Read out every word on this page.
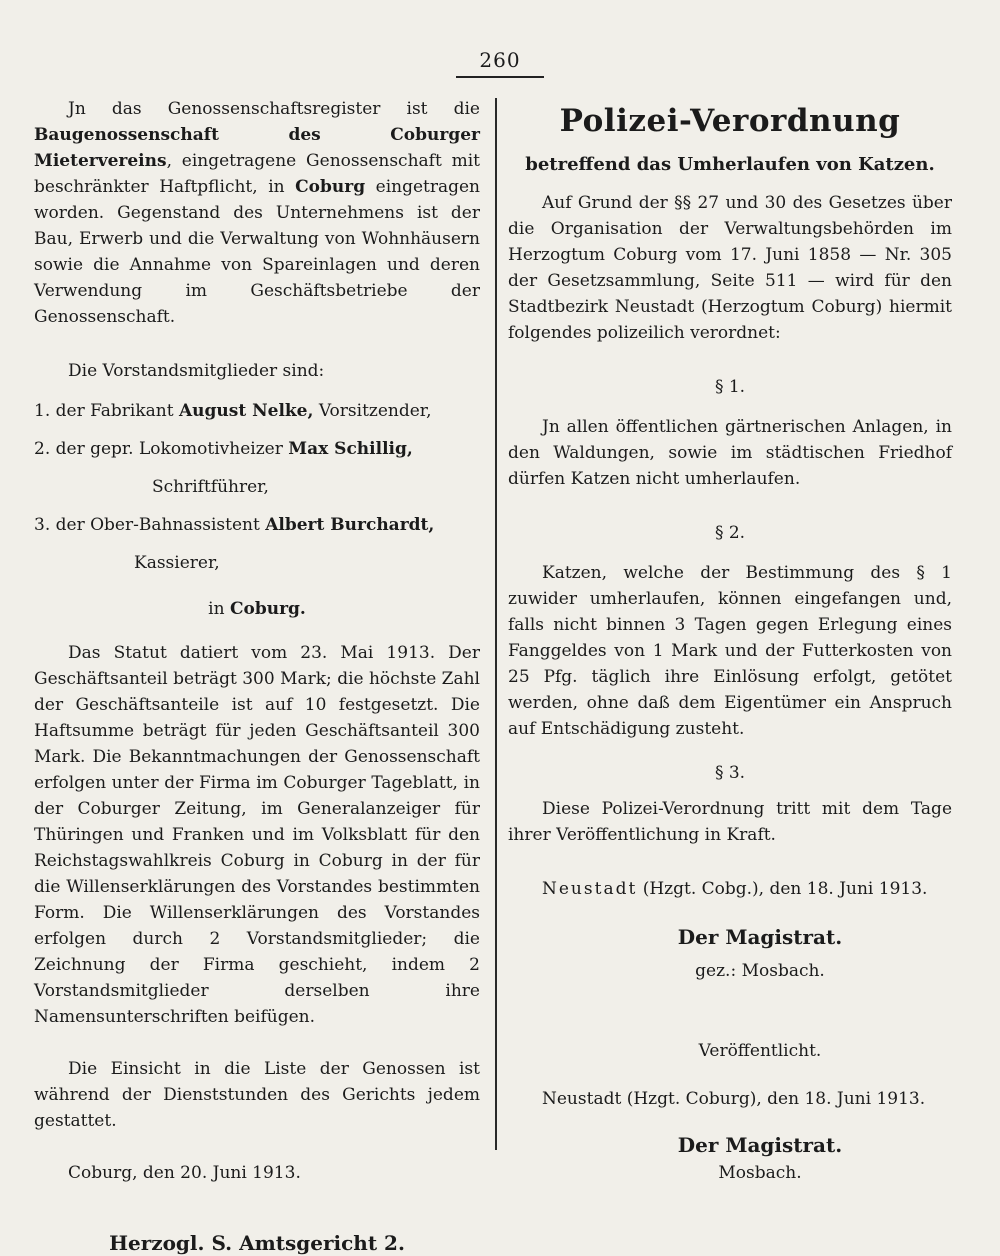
260

Jn das Genossenschaftsregister ist die Baugenossenschaft des Coburger Mietervereins, eingetragene Genossenschaft mit beschränkter Haftpflicht, in Coburg eingetragen worden. Gegenstand des Unternehmens ist der Bau, Erwerb und die Verwaltung von Wohnhäusern sowie die Annahme von Spareinlagen und deren Verwendung im Geschäftsbetriebe der Genossenschaft.

Die Vorstandsmitglieder sind:

1. der Fabrikant August Nelke, Vorsitzender,

2. der gepr. Lokomotivheizer Max Schillig,

Schriftführer,

3. der Ober-Bahnassistent Albert Burchardt,

Kassierer,

in Coburg.

Das Statut datiert vom 23. Mai 1913. Der Geschäftsanteil beträgt 300 Mark; die höchste Zahl der Geschäftsanteile ist auf 10 festgesetzt. Die Haftsumme beträgt für jeden Geschäftsanteil 300 Mark. Die Bekanntmachungen der Genossenschaft erfolgen unter der Firma im Coburger Tageblatt, in der Coburger Zeitung, im Generalanzeiger für Thüringen und Franken und im Volksblatt für den Reichstagswahlkreis Coburg in Coburg in der für die Willenserklärungen des Vorstandes bestimmten Form. Die Willenserklärungen des Vorstandes erfolgen durch 2 Vorstandsmitglieder; die Zeichnung der Firma geschieht, indem 2 Vorstandsmitglieder derselben ihre Namensunterschriften beifügen.

Die Einsicht in die Liste der Genossen ist während der Dienststunden des Gerichts jedem gestattet.

Coburg, den 20. Juni 1913.

Herzogl. S. Amtsgericht 2.

Polizei-Verordnung

betreffend das Umherlaufen von Katzen.

Auf Grund der §§ 27 und 30 des Gesetzes über die Organisation der Verwaltungsbehörden im Herzogtum Coburg vom 17. Juni 1858 — Nr. 305 der Gesetzsammlung, Seite 511 — wird für den Stadtbezirk Neustadt (Herzogtum Coburg) hiermit folgendes polizeilich verordnet:

§ 1.

Jn allen öffentlichen gärtnerischen Anlagen, in den Waldungen, sowie im städtischen Friedhof dürfen Katzen nicht umherlaufen.

§ 2.

Katzen, welche der Bestimmung des § 1 zuwider umherlaufen, können eingefangen und, falls nicht binnen 3 Tagen gegen Erlegung eines Fanggeldes von 1 Mark und der Futterkosten von 25 Pfg. täglich ihre Einlösung erfolgt, getötet werden, ohne daß dem Eigentümer ein Anspruch auf Entschädigung zusteht.

§ 3.

Diese Polizei-Verordnung tritt mit dem Tage ihrer Veröffentlichung in Kraft.

Neustadt (Hzgt. Cobg.), den 18. Juni 1913.

Der Magistrat.

gez.: Mosbach.

Veröffentlicht.

Neustadt (Hzgt. Coburg), den 18. Juni 1913.

Der Magistrat.

Mosbach.
